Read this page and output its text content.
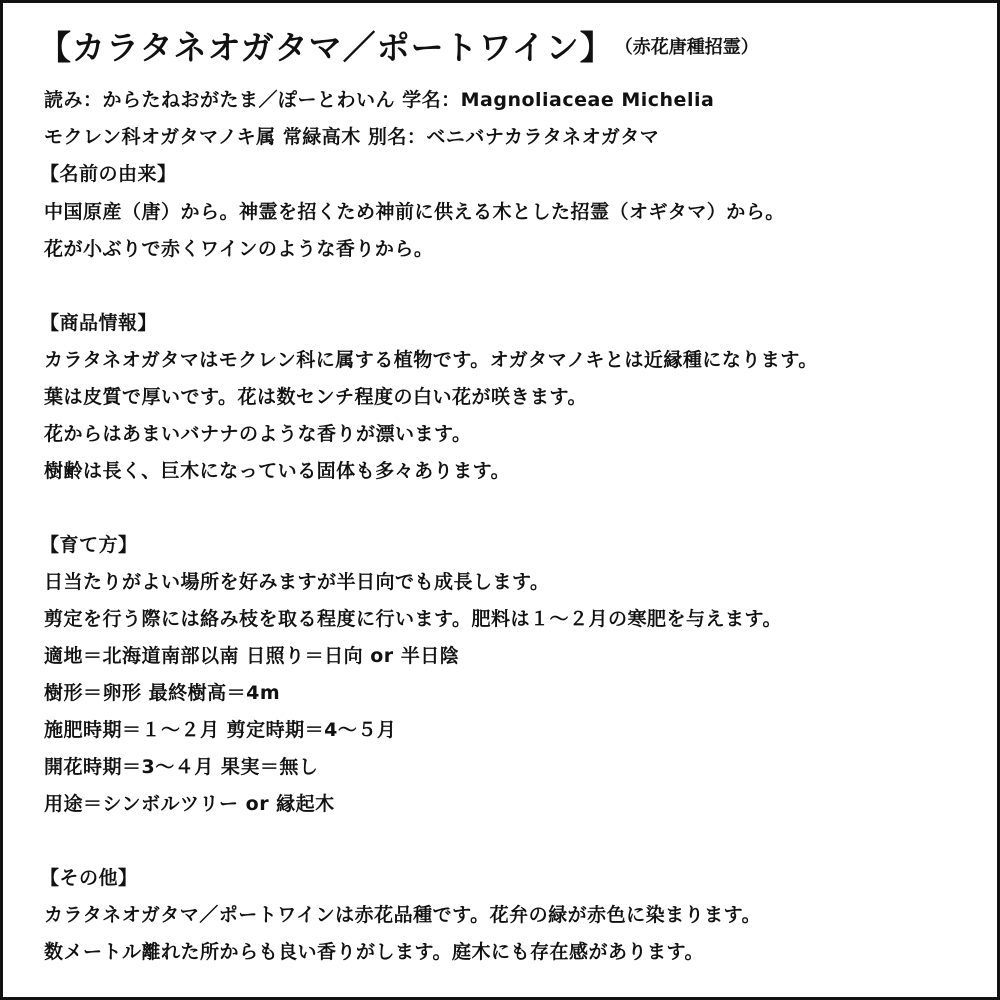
【カラタネオガタマ／ポートワイン】 （赤花唐種招霊）
読み：からたねおがたま／ぽーとわいん 学名：Magnoliaceae Michelia
モクレン科オガタマノキ属 常緑高木 別名：ベニバナカラタネオガタマ
【名前の由来】
中国原産（唐）から。神霊を招くため神前に供える木とした招霊（オギタマ）から。
花が小ぶりで赤くワインのような香りから。
【商品情報】
カラタネオガタマはモクレン科に属する植物です。オガタマノキとは近縁種になります。
葉は皮質で厚いです。花は数センチ程度の白い花が咲きます。
花からはあまいバナナのような香りが漂います。
樹齢は長く、巨木になっている固体も多々あります。
【育て方】
日当たりがよい場所を好みますが半日向でも成長します。
剪定を行う際には絡み枝を取る程度に行います。肥料は１～２月の寒肥を与えます。
適地＝北海道南部以南 日照り＝日向 or 半日陰
樹形＝卵形 最終樹高＝4m
施肥時期＝１～２月 剪定時期＝4～５月
開花時期＝3～４月 果実＝無し
用途＝シンボルツリー or 縁起木
【その他】
カラタネオガタマ／ポートワインは赤花品種です。花弁の緑が赤色に染まります。
数メートル離れた所からも良い香りがします。庭木にも存在感があります。
